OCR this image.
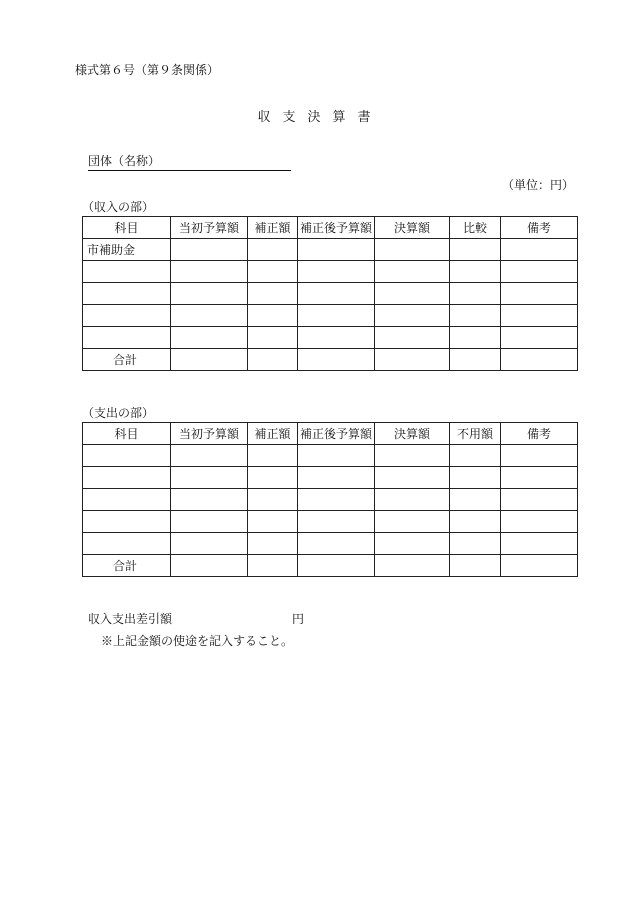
様式第６号（第９条関係）
収支決算書
団体（名称）
（単位：円）
（収入の部）
科目	当初予算額	補正額	補正後予算額	決算額	比較	備考
市補助金						

合計						
（支出の部）
科目	当初予算額	補正額	補正後予算額	決算額	不用額	備考

合計						
収入支出差引額	円
※上記金額の使途を記入すること。
